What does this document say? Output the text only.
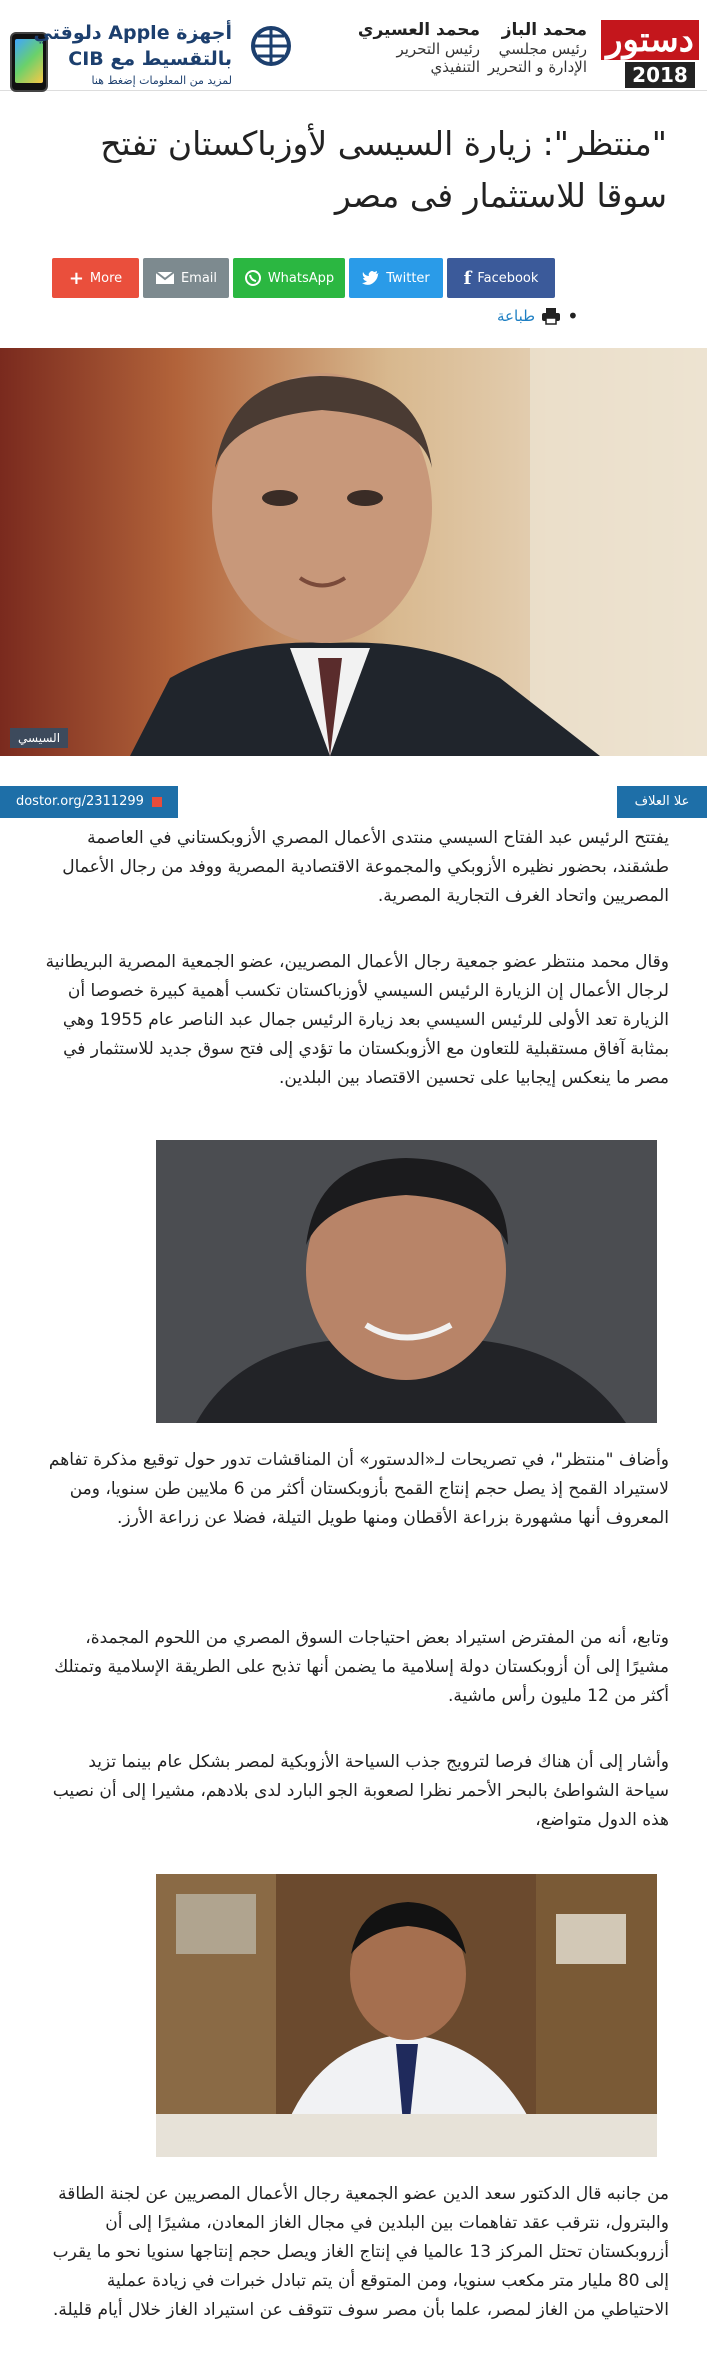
دستور
2018
محمد الباز
رئيس مجلسي
الإدارة و التحرير
محمد العسيري
رئيس التحرير
التنفيذي
أجهزة Apple دلوقتي
بالتقسيط مع CIB
لمزيد من المعلومات إضغط هنا
"منتظر": زيارة السيسى لأوزباكستان تفتح سوقا للاستثمار فى مصر
+ More	Email	WhatsApp	Twitter f Facebook
•
طباعة
السيسي
dostor.org/2311299	علا العلاف

يفتتح الرئيس عبد الفتاح السيسي منتدى الأعمال المصري الأزوبكستاني في العاصمة طشقند، بحضور نظيره الأزوبكي والمجموعة الاقتصادية المصرية ووفد من رجال الأعمال المصريين واتحاد الغرف التجارية المصرية.

وقال محمد منتظر عضو جمعية رجال الأعمال المصريين، عضو الجمعية المصرية البريطانية لرجال الأعمال إن الزيارة الرئيس السيسي لأوزباكستان تكسب أهمية كبيرة خصوصا أن الزيارة تعد الأولى للرئيس السيسي بعد زيارة الرئيس جمال عبد الناصر عام 1955 وهي بمثابة آفاق مستقبلية للتعاون مع الأزوبكستان ما تؤدي إلى فتح سوق جديد للاستثمار في مصر ما ينعكس إيجابيا على تحسين الاقتصاد بين البلدين.

وأضاف "منتظر"، في تصريحات لـ«الدستور» أن المناقشات تدور حول توقيع مذكرة تفاهم لاستيراد القمح إذ يصل حجم إنتاج القمح بأزوبكستان أكثر من 6 ملايين طن سنويا، ومن المعروف أنها مشهورة بزراعة الأقطان ومنها طويل التيلة، فضلا عن زراعة الأرز.

وتابع، أنه من المفترض استيراد بعض احتياجات السوق المصري من اللحوم المجمدة، مشيرًا إلى أن أزوبكستان دولة إسلامية ما يضمن أنها تذبح على الطريقة الإسلامية وتمتلك أكثر من 12 مليون رأس ماشية.

وأشار إلى أن هناك فرصا لترويج جذب السياحة الأزوبكية لمصر بشكل عام بينما تزيد سياحة الشواطئ بالبحر الأحمر نظرا لصعوبة الجو البارد لدى بلادهم، مشيرا إلى أن نصيب هذه الدول متواضع،

من جانبه قال الدكتور سعد الدين عضو الجمعية رجال الأعمال المصريين عن لجنة الطاقة والبترول، نترقب عقد تفاهمات بين البلدين في مجال الغاز المعادن، مشيرًا إلى أن أزروبكستان تحتل المركز 13 عالميا في إنتاج الغاز ويصل حجم إنتاجها سنويا نحو ما يقرب إلى 80 مليار متر مكعب سنويا، ومن المتوقع أن يتم تبادل خبرات في زيادة عملية الاحتياطي من الغاز لمصر، علما بأن مصر سوف تتوقف عن استيراد الغاز خلال أيام قليلة.
